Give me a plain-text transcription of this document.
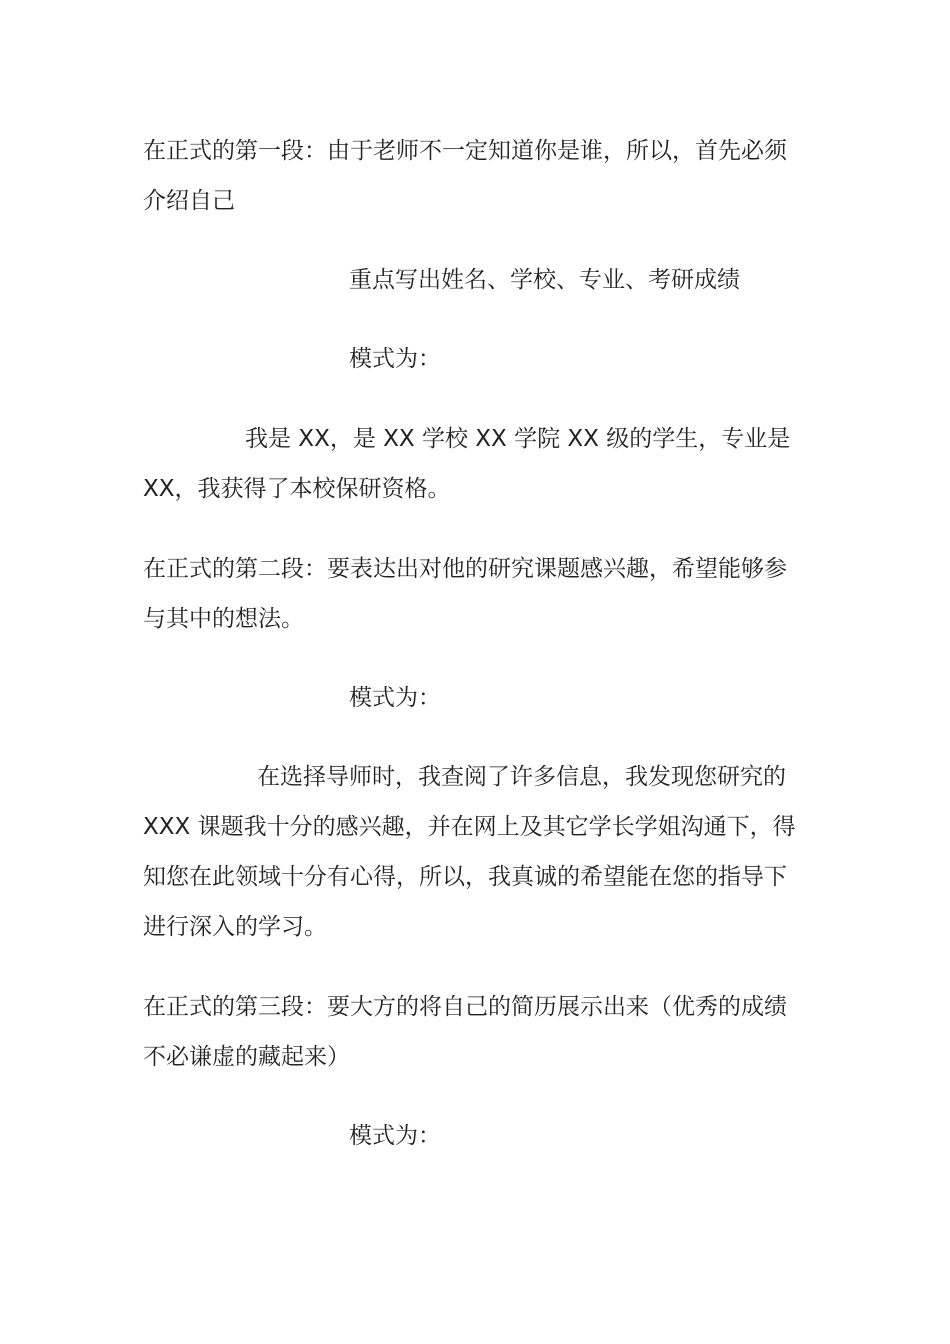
在正式的第一段：由于老师不一定知道你是谁，所以，首先必须

介绍自己

重点写出姓名、学校、专业、考研成绩

模式为：

我是 XX，是 XX 学校 XX 学院 XX 级的学生，专业是

XX，我获得了本校保研资格。

在正式的第二段：要表达出对他的研究课题感兴趣，希望能够参

与其中的想法。

模式为：

在选择导师时，我查阅了许多信息，我发现您研究的

XXX 课题我十分的感兴趣，并在网上及其它学长学姐沟通下，得

知您在此领域十分有心得，所以，我真诚的希望能在您的指导下

进行深入的学习。

在正式的第三段：要大方的将自己的简历展示出来（优秀的成绩

不必谦虚的藏起来）

模式为：
